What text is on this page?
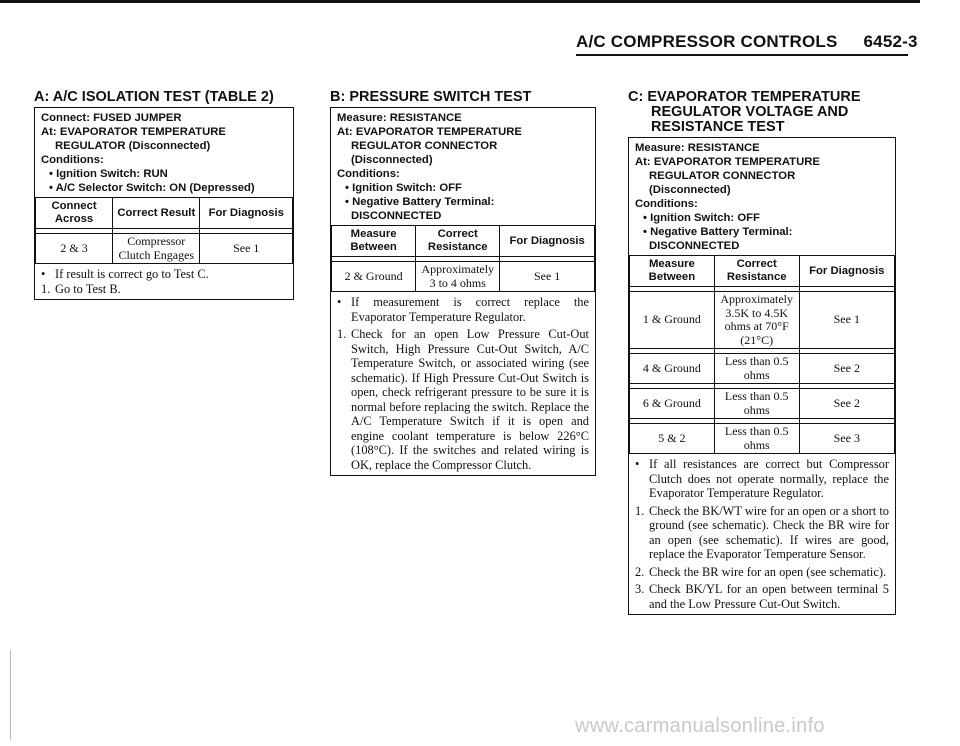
A/C COMPRESSOR CONTROLS 6452-3
A: A/C ISOLATION TEST (TABLE 2)
Connect: FUSED JUMPER
At: EVAPORATOR TEMPERATURE
REGULATOR (Disconnected)
Conditions:
• Ignition Switch: RUN
• A/C Selector Switch: ON (Depressed)
Connect Across	Correct Result	For Diagnosis

2 & 3	Compressor Clutch Engages	See 1
• If result is correct go to Test C.
1. Go to Test B.
B: PRESSURE SWITCH TEST
Measure: RESISTANCE
At: EVAPORATOR TEMPERATURE
REGULATOR CONNECTOR
(Disconnected)
Conditions:
• Ignition Switch: OFF
• Negative Battery Terminal:
DISCONNECTED
Measure Between	Correct Resistance	For Diagnosis

2 & Ground	Approximately 3 to 4 ohms	See 1
• If measurement is correct replace the Evaporator Temperature Regulator.
1. Check for an open Low Pressure Cut-Out Switch, High Pressure Cut-Out Switch, A/C Temperature Switch, or associated wiring (see schematic). If High Pressure Cut-Out Switch is open, check refrigerant pressure to be sure it is normal before replacing the switch. Replace the A/C Temperature Switch if it is open and engine coolant temperature is below 226°C (108°C). If the switches and related wiring is OK, replace the Compressor Clutch.
C: EVAPORATOR TEMPERATURE
REGULATOR VOLTAGE AND
RESISTANCE TEST
Measure: RESISTANCE
At: EVAPORATOR TEMPERATURE
REGULATOR CONNECTOR
(Disconnected)
Conditions:
• Ignition Switch: OFF
• Negative Battery Terminal:
DISCONNECTED
Measure Between	Correct Resistance	For Diagnosis

1 & Ground	Approximately 3.5K to 4.5K ohms at 70°F (21°C)	See 1

4 & Ground	Less than 0.5 ohms	See 2

6 & Ground	Less than 0.5 ohms	See 2

5 & 2	Less than 0.5 ohms	See 3
• If all resistances are correct but Compressor Clutch does not operate normally, replace the Evaporator Temperature Regulator.
1. Check the BK/WT wire for an open or a short to ground (see schematic). Check the BR wire for an open (see schematic). If wires are good, replace the Evaporator Temperature Sensor.
2. Check the BR wire for an open (see schematic).
3. Check BK/YL for an open between terminal 5 and the Low Pressure Cut-Out Switch.
www.carmanualsonline.info
